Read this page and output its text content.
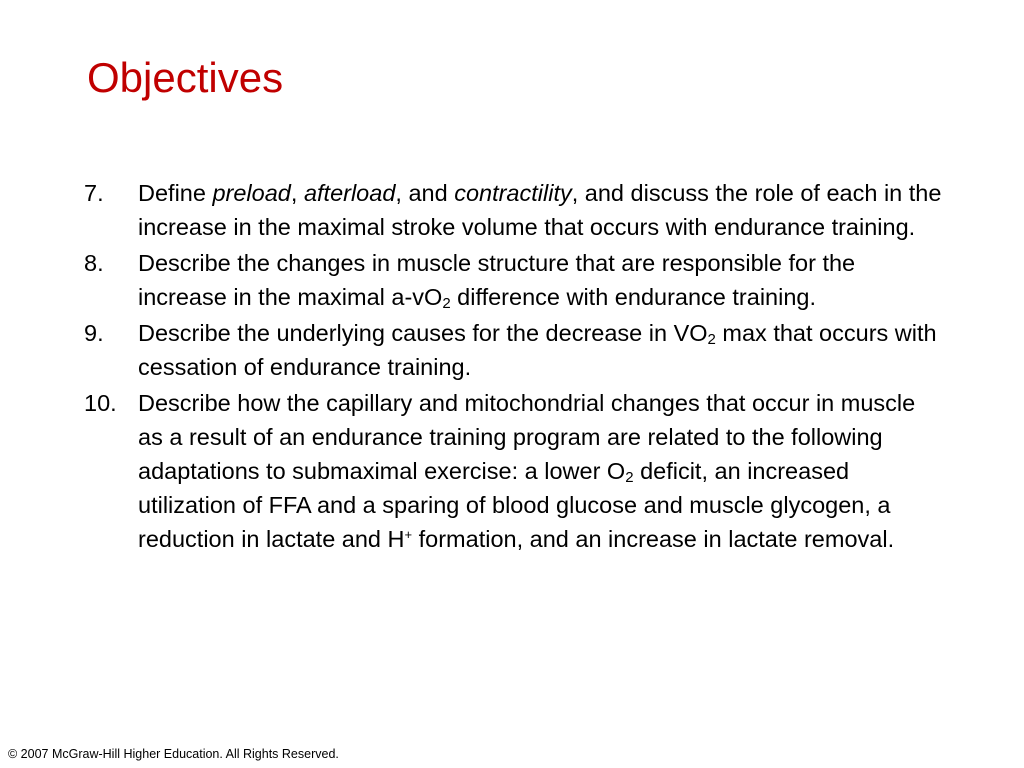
Objectives
7.	Define preload, afterload, and contractility, and discuss the role of each in the increase in the maximal stroke volume that occurs with endurance training.
8.	Describe the changes in muscle structure that are responsible for the increase in the maximal $a-vO_2$ difference with endurance training.
9.	Describe the underlying causes for the decrease in $VO_2$ max that occurs with cessation of endurance training.
10. Describe how the capillary and mitochondrial changes that occur in muscle as a result of an endurance training program are related to the following adaptations to submaximal exercise: a lower $O_2$ deficit, an increased utilization of FFA and a sparing of blood glucose and muscle glycogen, a reduction in lactate and H+ formation, and an increase in lactate removal.
© 2007 McGraw-Hill Higher Education. All Rights Reserved.
